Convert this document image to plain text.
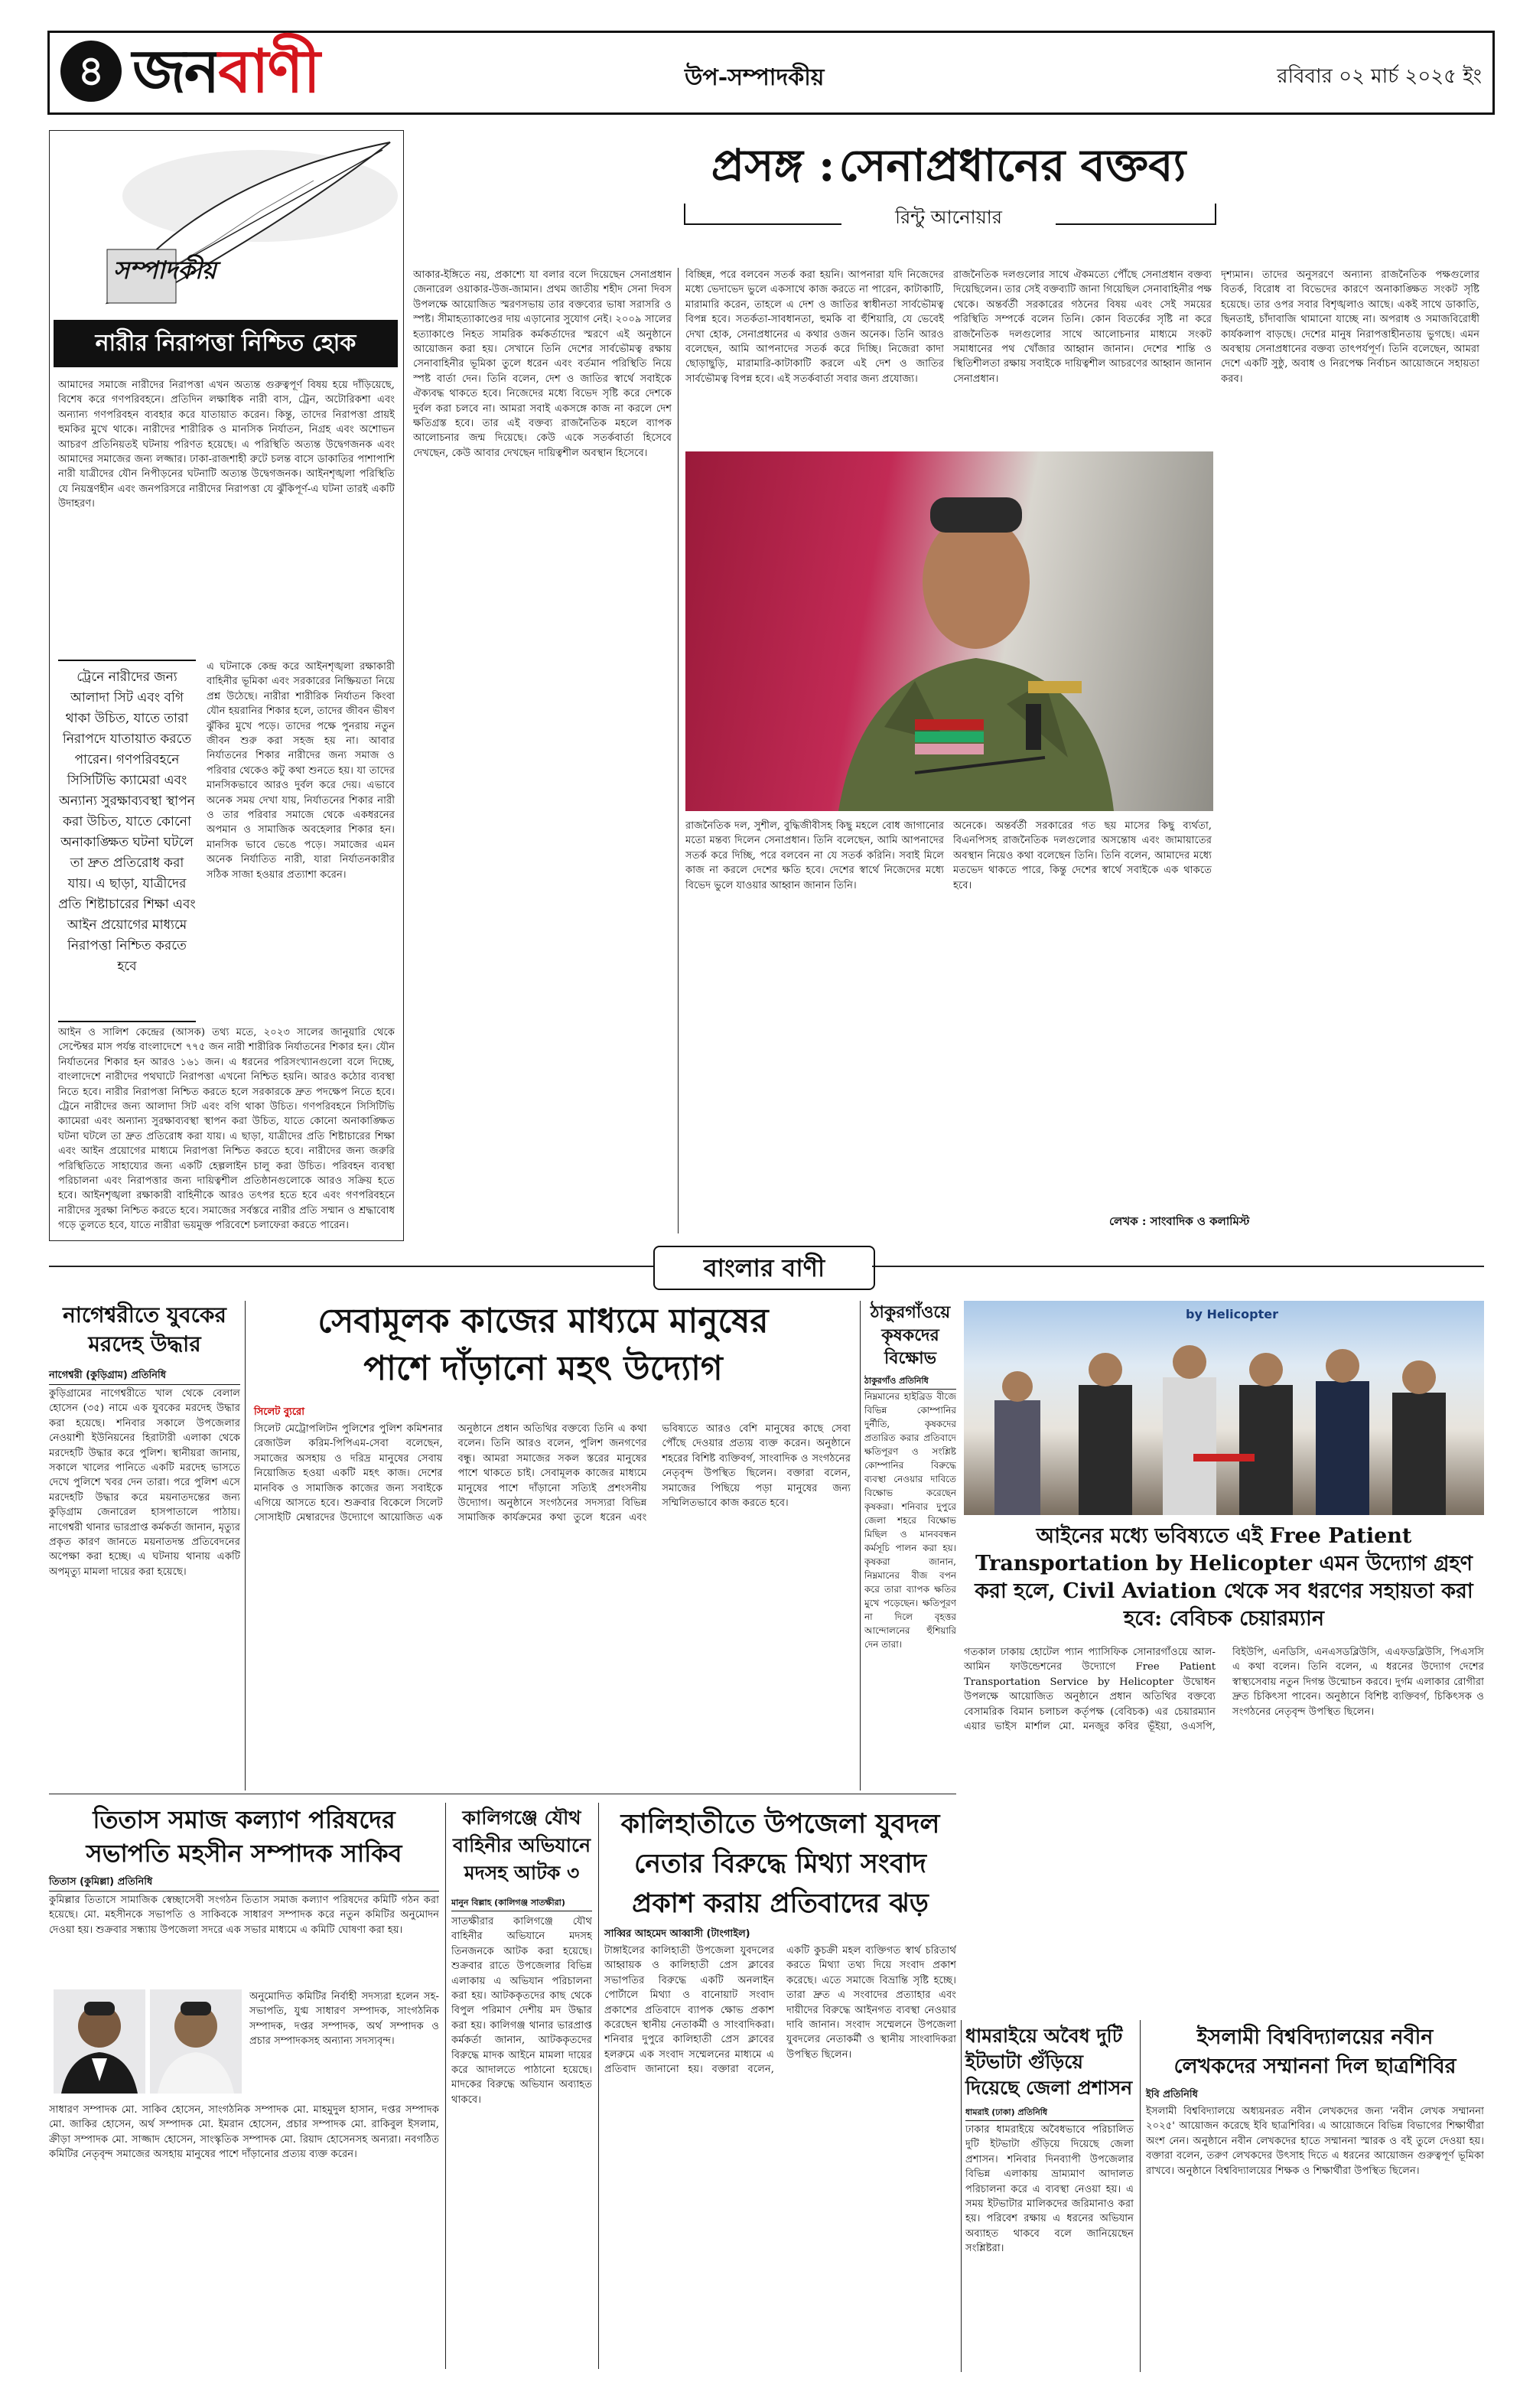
৪ জনবাণী	উপ-সম্পাদকীয়	রবিবার ০২ মার্চ ২০২৫ ইং
সম্পাদকীয়
নারীর নিরাপত্তা নিশ্চিত হোক
আমাদের সমাজে নারীদের নিরাপত্তা এখন অত্যন্ত গুরুত্বপূর্ণ বিষয় হয়ে দাঁড়িয়েছে, বিশেষ করে গণপরিবহনে। প্রতিদিন লক্ষাধিক নারী বাস, ট্রেন, অটোরিকশা এবং অন্যান্য গণপরিবহন ব্যবহার করে যাতায়াত করেন। কিন্তু, তাদের নিরাপত্তা প্রায়ই হুমকির মুখে থাকে। নারীদের শারীরিক ও মানসিক নির্যাতন, নিগ্রহ এবং অশোভন আচরণ প্রতিনিয়তই ঘটনায় পরিণত হয়েছে। এ পরিস্থিতি অত্যন্ত উদ্বেগজনক এবং আমাদের সমাজের জন্য লজ্জার। ঢাকা-রাজশাহী রুটে চলন্ত বাসে ডাকাতির পাশাপাশি নারী যাত্রীদের যৌন নিপীড়নের ঘটনাটি অত্যন্ত উদ্বেগজনক। আইনশৃঙ্খলা পরিস্থিতি যে নিয়ন্ত্রণহীন এবং জনপরিসরে নারীদের নিরাপত্তা যে ঝুঁকিপূর্ণ-এ ঘটনা তারই একটি উদাহরণ।
ট্রেনে নারীদের জন্য আলাদা সিট এবং বগি থাকা উচিত, যাতে তারা নিরাপদে যাতায়াত করতে পারেন। গণপরিবহনে সিসিটিভি ক্যামেরা এবং অন্যান্য সুরক্ষাব্যবস্থা স্থাপন করা উচিত, যাতে কোনো অনাকাঙ্ক্ষিত ঘটনা ঘটলে তা দ্রুত প্রতিরোধ করা যায়। এ ছাড়া, যাত্রীদের প্রতি শিষ্টাচারের শিক্ষা এবং আইন প্রয়োগের মাধ্যমে নিরাপত্তা নিশ্চিত করতে হবে
এ ঘটনাকে কেন্দ্র করে আইনশৃঙ্খলা রক্ষাকারী বাহিনীর ভূমিকা এবং সরকারের নিষ্ক্রিয়তা নিয়ে প্রশ্ন উঠেছে। নারীরা শারীরিক নির্যাতন কিংবা যৌন হয়রানির শিকার হলে, তাদের জীবন ভীষণ ঝুঁকির মুখে পড়ে। তাদের পক্ষে পুনরায় নতুন জীবন শুরু করা সহজ হয় না। আবার নির্যাতনের শিকার নারীদের জন্য সমাজ ও পরিবার থেকেও কটু কথা শুনতে হয়। যা তাদের মানসিকভাবে আরও দুর্বল করে দেয়। এভাবে অনেক সময় দেখা যায়, নির্যাতনের শিকার নারী ও তার পরিবার সমাজে থেকে একধরনের অপমান ও সামাজিক অবহেলার শিকার হন। মানসিক ভাবে ভেঙে পড়ে। সমাজের এমন অনেক নির্যাতিত নারী, যারা নির্যাতনকারীর সঠিক সাজা হওয়ার প্রত্যাশা করেন।
আইন ও সালিশ কেন্দ্রের (আসক) তথ্য মতে, ২০২৩ সালের জানুয়ারি থেকে সেপ্টেম্বর মাস পর্যন্ত বাংলাদেশে ৭৭৫ জন নারী শারীরিক নির্যাতনের শিকার হন। যৌন নির্যাতনের শিকার হন আরও ১৬১ জন। এ ধরনের পরিসংখ্যানগুলো বলে দিচ্ছে, বাংলাদেশে নারীদের পথঘাটে নিরাপত্তা এখনো নিশ্চিত হয়নি। আরও কঠোর ব্যবস্থা নিতে হবে। নারীর নিরাপত্তা নিশ্চিত করতে হলে সরকারকে দ্রুত পদক্ষেপ নিতে হবে। ট্রেনে নারীদের জন্য আলাদা সিট এবং বগি থাকা উচিত। গণপরিবহনে সিসিটিভি ক্যামেরা এবং অন্যান্য সুরক্ষাব্যবস্থা স্থাপন করা উচিত, যাতে কোনো অনাকাঙ্ক্ষিত ঘটনা ঘটলে তা দ্রুত প্রতিরোধ করা যায়। এ ছাড়া, যাত্রীদের প্রতি শিষ্টাচারের শিক্ষা এবং আইন প্রয়োগের মাধ্যমে নিরাপত্তা নিশ্চিত করতে হবে। নারীদের জন্য জরুরি পরিস্থিতিতে সাহায্যের জন্য একটি হেল্পলাইন চালু করা উচিত। পরিবহন ব্যবস্থা পরিচালনা এবং নিরাপত্তার জন্য দায়িত্বশীল প্রতিষ্ঠানগুলোকে আরও সক্রিয় হতে হবে। আইনশৃঙ্খলা রক্ষাকারী বাহিনীকে আরও তৎপর হতে হবে এবং গণপরিবহনে নারীদের সুরক্ষা নিশ্চিত করতে হবে। সমাজের সর্বস্তরে নারীর প্রতি সম্মান ও শ্রদ্ধাবোধ গড়ে তুলতে হবে, যাতে নারীরা ভয়মুক্ত পরিবেশে চলাফেরা করতে পারেন।
প্রসঙ্গ : সেনাপ্রধানের বক্তব্য
রিন্টু আনোয়ার
আকার-ইঙ্গিতে নয়, প্রকাশ্যে যা বলার বলে দিয়েছেন সেনাপ্রধান জেনারেল ওয়াকার-উজ-জামান। প্রথম জাতীয় শহীদ সেনা দিবস উপলক্ষে আয়োজিত স্মরণসভায় তার বক্তব্যের ভাষা সরাসরি ও স্পষ্ট। সীমাহত্যাকাণ্ডের দায় এড়ানোর সুযোগ নেই। ২০০৯ সালের হত্যাকাণ্ডে নিহত সামরিক কর্মকর্তাদের স্মরণে এই অনুষ্ঠানে আয়োজন করা হয়। সেখানে তিনি দেশের সার্বভৌমত্ব রক্ষায় সেনাবাহিনীর ভূমিকা তুলে ধরেন এবং বর্তমান পরিস্থিতি নিয়ে স্পষ্ট বার্তা দেন। তিনি বলেন, দেশ ও জাতির স্বার্থে সবাইকে ঐক্যবদ্ধ থাকতে হবে। নিজেদের মধ্যে বিভেদ সৃষ্টি করে দেশকে দুর্বল করা চলবে না। আমরা সবাই একসঙ্গে কাজ না করলে দেশ ক্ষতিগ্রস্ত হবে। তার এই বক্তব্য রাজনৈতিক মহলে ব্যাপক আলোচনার জন্ম দিয়েছে। কেউ একে সতর্কবার্তা হিসেবে দেখছেন, কেউ আবার দেখছেন দায়িত্বশীল অবস্থান হিসেবে।
বিচ্ছিন্ন, পরে বলবেন সতর্ক করা হয়নি। আপনারা যদি নিজেদের মধ্যে ভেদাভেদ ভুলে একসাথে কাজ করতে না পারেন, কাটাকাটি, মারামারি করেন, তাহলে এ দেশ ও জাতির স্বাধীনতা সার্বভৌমত্ব বিপন্ন হবে। সতর্কতা-সাবধানতা, হুমকি বা হুঁশিয়ারি, যে ভেবেই দেখা হোক, সেনাপ্রধানের এ কথার ওজন অনেক। তিনি আরও বলেছেন, আমি আপনাদের সতর্ক করে দিচ্ছি। নিজেরা কাদা ছোড়াছুড়ি, মারামারি-কাটাকাটি করলে এই দেশ ও জাতির সার্বভৌমত্ব বিপন্ন হবে। এই সতর্কবার্তা সবার জন্য প্রযোজ্য।
রাজনৈতিক দলগুলোর সাথে ঐকমত্যে পৌঁছে সেনাপ্রধান বক্তব্য দিয়েছিলেন। তার সেই বক্তব্যটি জানা গিয়েছিল সেনাবাহিনীর পক্ষ থেকে। অন্তর্বর্তী সরকারের গঠনের বিষয় এবং সেই সময়ের পরিস্থিতি সম্পর্কে বলেন তিনি। কোন বিতর্কের সৃষ্টি না করে রাজনৈতিক দলগুলোর সাথে আলোচনার মাধ্যমে সংকট সমাধানের পথ খোঁজার আহ্বান জানান। দেশের শান্তি ও স্থিতিশীলতা রক্ষায় সবাইকে দায়িত্বশীল আচরণের আহ্বান জানান সেনাপ্রধান।
দৃশ্যমান। তাদের অনুসরণে অন্যান্য রাজনৈতিক পক্ষগুলোর বিতর্ক, বিরোধ বা বিভেদের কারণে অনাকাঙ্ক্ষিত সংকট সৃষ্টি হয়েছে। তার ওপর সবার বিশৃঙ্খলাও আছে। একই সাথে ডাকাতি, ছিনতাই, চাঁদাবাজি থামানো যাচ্ছে না। অপরাধ ও সমাজবিরোধী কার্যকলাপ বাড়ছে। দেশের মানুষ নিরাপত্তাহীনতায় ভুগছে। এমন অবস্থায় সেনাপ্রধানের বক্তব্য তাৎপর্যপূর্ণ। তিনি বলেছেন, আমরা দেশে একটি সুষ্ঠু, অবাধ ও নিরপেক্ষ নির্বাচন আয়োজনে সহায়তা করব।
রাজনৈতিক দল, সুশীল, বুদ্ধিজীবীসহ কিছু মহলে বোধ জাগানোর মতো মন্তব্য দিলেন সেনাপ্রধান। তিনি বলেছেন, আমি আপনাদের সতর্ক করে দিচ্ছি, পরে বলবেন না যে সতর্ক করিনি। সবাই মিলে কাজ না করলে দেশের ক্ষতি হবে। দেশের স্বার্থে নিজেদের মধ্যে বিভেদ ভুলে যাওয়ার আহ্বান জানান তিনি।
অনেকে। অন্তর্বর্তী সরকারের গত ছয় মাসের কিছু ব্যর্থতা, বিএনপিসহ রাজনৈতিক দলগুলোর অসন্তোষ এবং জামায়াতের অবস্থান নিয়েও কথা বলেছেন তিনি। তিনি বলেন, আমাদের মধ্যে মতভেদ থাকতে পারে, কিন্তু দেশের স্বার্থে সবাইকে এক থাকতে হবে।
লেখক : সাংবাদিক ও কলামিস্ট
বাংলার বাণী
নাগেশ্বরীতে যুবকের মরদেহ উদ্ধার
নাগেশ্বরী (কুড়িগ্রাম) প্রতিনিধি
কুড়িগ্রামের নাগেশ্বরীতে খাল থেকে বেলাল হোসেন (৩৫) নামে এক যুবকের মরদেহ উদ্ধার করা হয়েছে। শনিবার সকালে উপজেলার নেওয়াশী ইউনিয়নের হিরাটারী এলাকা থেকে মরদেহটি উদ্ধার করে পুলিশ। স্থানীয়রা জানায়, সকালে খালের পানিতে একটি মরদেহ ভাসতে দেখে পুলিশে খবর দেন তারা। পরে পুলিশ এসে মরদেহটি উদ্ধার করে ময়নাতদন্তের জন্য কুড়িগ্রাম জেনারেল হাসপাতালে পাঠায়। নাগেশ্বরী থানার ভারপ্রাপ্ত কর্মকর্তা জানান, মৃত্যুর প্রকৃত কারণ জানতে ময়নাতদন্ত প্রতিবেদনের অপেক্ষা করা হচ্ছে। এ ঘটনায় থানায় একটি অপমৃত্যু মামলা দায়ের করা হয়েছে।
সেবামূলক কাজের মাধ্যমে মানুষের
পাশে দাঁড়ানো মহৎ উদ্যোগ
সিলেট ব্যুরো
সিলেট মেট্রোপলিটন পুলিশের পুলিশ কমিশনার রেজাউল করিম-পিপিএম-সেবা বলেছেন, সমাজের অসহায় ও দরিদ্র মানুষের সেবায় নিয়োজিত হওয়া একটি মহৎ কাজ। দেশের মানবিক ও সামাজিক কাজের জন্য সবাইকে এগিয়ে আসতে হবে। শুক্রবার বিকেলে সিলেট সোসাইটি মেম্বারদের উদ্যোগে আয়োজিত এক অনুষ্ঠানে প্রধান অতিথির বক্তব্যে তিনি এ কথা বলেন। তিনি আরও বলেন, পুলিশ জনগণের বন্ধু। আমরা সমাজের সকল স্তরের মানুষের পাশে থাকতে চাই। সেবামূলক কাজের মাধ্যমে মানুষের পাশে দাঁড়ানো সত্যিই প্রশংসনীয় উদ্যোগ। অনুষ্ঠানে সংগঠনের সদস্যরা বিভিন্ন সামাজিক কার্যক্রমের কথা তুলে ধরেন এবং ভবিষ্যতে আরও বেশি মানুষের কাছে সেবা পৌঁছে দেওয়ার প্রত্যয় ব্যক্ত করেন। অনুষ্ঠানে শহরের বিশিষ্ট ব্যক্তিবর্গ, সাংবাদিক ও সংগঠনের নেতৃবৃন্দ উপস্থিত ছিলেন। বক্তারা বলেন, সমাজের পিছিয়ে পড়া মানুষের জন্য সম্মিলিতভাবে কাজ করতে হবে।
ঠাকুরগাঁওয়ে কৃষকদের বিক্ষোভ
ঠাকুরগাঁও প্রতিনিধি
নিম্নমানের হাইব্রিড বীজে বিভিন্ন কোম্পানির দুর্নীতি, কৃষকদের প্রতারিত করার প্রতিবাদে ক্ষতিপূরণ ও সংশ্লিষ্ট কোম্পানির বিরুদ্ধে ব্যবস্থা নেওয়ার দাবিতে বিক্ষোভ করেছেন কৃষকরা। শনিবার দুপুরে জেলা শহরে বিক্ষোভ মিছিল ও মানববন্ধন কর্মসূচি পালন করা হয়। কৃষকরা জানান, নিম্নমানের বীজ বপন করে তারা ব্যাপক ক্ষতির মুখে পড়েছেন। ক্ষতিপূরণ না দিলে বৃহত্তর আন্দোলনের হুঁশিয়ারি দেন তারা।
by Helicopter
আইনের মধ্যে ভবিষ্যতে এই Free Patient Transportation by Helicopter এমন উদ্যোগ গ্রহণ করা হলে, Civil Aviation থেকে সব ধরণের সহায়তা করা হবে: বেবিচক চেয়ারম্যান
গতকাল ঢাকায় হোটেল প্যান প্যাসিফিক সোনারগাঁওয়ে আল-আমিন ফাউন্ডেশনের উদ্যোগে Free Patient Transportation Service by Helicopter উদ্বোধন উপলক্ষে আয়োজিত অনুষ্ঠানে প্রধান অতিথির বক্তব্যে বেসামরিক বিমান চলাচল কর্তৃপক্ষ (বেবিচক) এর চেয়ারম্যান এয়ার ভাইস মার্শাল মো. মনজুর কবির ভূঁইয়া, ওএসপি, বিইউপি, এনডিসি, এনএসডব্লিউসি, এএফডব্লিউসি, পিএসসি এ কথা বলেন। তিনি বলেন, এ ধরনের উদ্যোগ দেশের স্বাস্থ্যসেবায় নতুন দিগন্ত উন্মোচন করবে। দুর্গম এলাকার রোগীরা দ্রুত চিকিৎসা পাবেন। অনুষ্ঠানে বিশিষ্ট ব্যক্তিবর্গ, চিকিৎসক ও সংগঠনের নেতৃবৃন্দ উপস্থিত ছিলেন।
তিতাস সমাজ কল্যাণ পরিষদের
সভাপতি মহসীন সম্পাদক সাকিব
তিতাস (কুমিল্লা) প্রতিনিধি
কুমিল্লার তিতাসে সামাজিক স্বেচ্ছাসেবী সংগঠন তিতাস সমাজ কল্যাণ পরিষদের কমিটি গঠন করা হয়েছে। মো. মহসীনকে সভাপতি ও সাকিবকে সাধারণ সম্পাদক করে নতুন কমিটির অনুমোদন দেওয়া হয়। শুক্রবার সন্ধ্যায় উপজেলা সদরে এক সভার মাধ্যমে এ কমিটি ঘোষণা করা হয়।
অনুমোদিত কমিটির নির্বাহী সদস্যরা হলেন সহ-সভাপতি, যুগ্ম সাধারণ সম্পাদক, সাংগঠনিক সম্পাদক, দপ্তর সম্পাদক, অর্থ সম্পাদক ও প্রচার সম্পাদকসহ অন্যান্য সদস্যবৃন্দ।
সাধারণ সম্পাদক মো. সাকিব হোসেন, সাংগঠনিক সম্পাদক মো. মাহমুদুল হাসান, দপ্তর সম্পাদক মো. জাকির হোসেন, অর্থ সম্পাদক মো. ইমরান হোসেন, প্রচার সম্পাদক মো. রাকিবুল ইসলাম, ক্রীড়া সম্পাদক মো. সাজ্জাদ হোসেন, সাংস্কৃতিক সম্পাদক মো. রিয়াদ হোসেনসহ অন্যরা। নবগঠিত কমিটির নেতৃবৃন্দ সমাজের অসহায় মানুষের পাশে দাঁড়ানোর প্রত্যয় ব্যক্ত করেন।
কালিগঞ্জে যৌথ বাহিনীর অভিযানে মদসহ আটক ৩
মানুন বিল্লাহ (কালিগঞ্জ সাতক্ষীরা)
সাতক্ষীরার কালিগঞ্জে যৌথ বাহিনীর অভিযানে মদসহ তিনজনকে আটক করা হয়েছে। শুক্রবার রাতে উপজেলার বিভিন্ন এলাকায় এ অভিযান পরিচালনা করা হয়। আটককৃতদের কাছ থেকে বিপুল পরিমাণ দেশীয় মদ উদ্ধার করা হয়। কালিগঞ্জ থানার ভারপ্রাপ্ত কর্মকর্তা জানান, আটককৃতদের বিরুদ্ধে মাদক আইনে মামলা দায়ের করে আদালতে পাঠানো হয়েছে। মাদকের বিরুদ্ধে অভিযান অব্যাহত থাকবে।
কালিহাতীতে উপজেলা যুবদল
নেতার বিরুদ্ধে মিথ্যা সংবাদ
প্রকাশ করায় প্রতিবাদের ঝড়
সাব্বির আহমেদ আব্বাসী (টাংগাইল)
টাঙ্গাইলের কালিহাতী উপজেলা যুবদলের আহ্বায়ক ও কালিহাতী প্রেস ক্লাবের সভাপতির বিরুদ্ধে একটি অনলাইন পোর্টালে মিথ্যা ও বানোয়াট সংবাদ প্রকাশের প্রতিবাদে ব্যাপক ক্ষোভ প্রকাশ করেছেন স্থানীয় নেতাকর্মী ও সাংবাদিকরা। শনিবার দুপুরে কালিহাতী প্রেস ক্লাবের হলরুমে এক সংবাদ সম্মেলনের মাধ্যমে এ প্রতিবাদ জানানো হয়। বক্তারা বলেন, একটি কুচক্রী মহল ব্যক্তিগত স্বার্থ চরিতার্থ করতে মিথ্যা তথ্য দিয়ে সংবাদ প্রকাশ করেছে। এতে সমাজে বিভ্রান্তি সৃষ্টি হচ্ছে। তারা দ্রুত এ সংবাদের প্রত্যাহার এবং দায়ীদের বিরুদ্ধে আইনগত ব্যবস্থা নেওয়ার দাবি জানান। সংবাদ সম্মেলনে উপজেলা যুবদলের নেতাকর্মী ও স্থানীয় সাংবাদিকরা উপস্থিত ছিলেন।
ধামরাইয়ে অবৈধ দুটি
ইটভাটা গুঁড়িয়ে
দিয়েছে জেলা প্রশাসন
ধামরাই (ঢাকা) প্রতিনিধি
ঢাকার ধামরাইয়ে অবৈধভাবে পরিচালিত দুটি ইটভাটা গুঁড়িয়ে দিয়েছে জেলা প্রশাসন। শনিবার দিনব্যাপী উপজেলার বিভিন্ন এলাকায় ভ্রাম্যমাণ আদালত পরিচালনা করে এ ব্যবস্থা নেওয়া হয়। এ সময় ইটভাটার মালিকদের জরিমানাও করা হয়। পরিবেশ রক্ষায় এ ধরনের অভিযান অব্যাহত থাকবে বলে জানিয়েছেন সংশ্লিষ্টরা।
ইসলামী বিশ্ববিদ্যালয়ের নবীন
লেখকদের সম্মাননা দিল ছাত্রশিবির
ইবি প্রতিনিধি
ইসলামী বিশ্ববিদ্যালয়ে অধ্যয়নরত নবীন লেখকদের জন্য 'নবীন লেখক সম্মাননা ২০২৫' আয়োজন করেছে ইবি ছাত্রশিবির। এ আয়োজনে বিভিন্ন বিভাগের শিক্ষার্থীরা অংশ নেন। অনুষ্ঠানে নবীন লেখকদের হাতে সম্মাননা স্মারক ও বই তুলে দেওয়া হয়। বক্তারা বলেন, তরুণ লেখকদের উৎসাহ দিতে এ ধরনের আয়োজন গুরুত্বপূর্ণ ভূমিকা রাখবে। অনুষ্ঠানে বিশ্ববিদ্যালয়ের শিক্ষক ও শিক্ষার্থীরা উপস্থিত ছিলেন।
